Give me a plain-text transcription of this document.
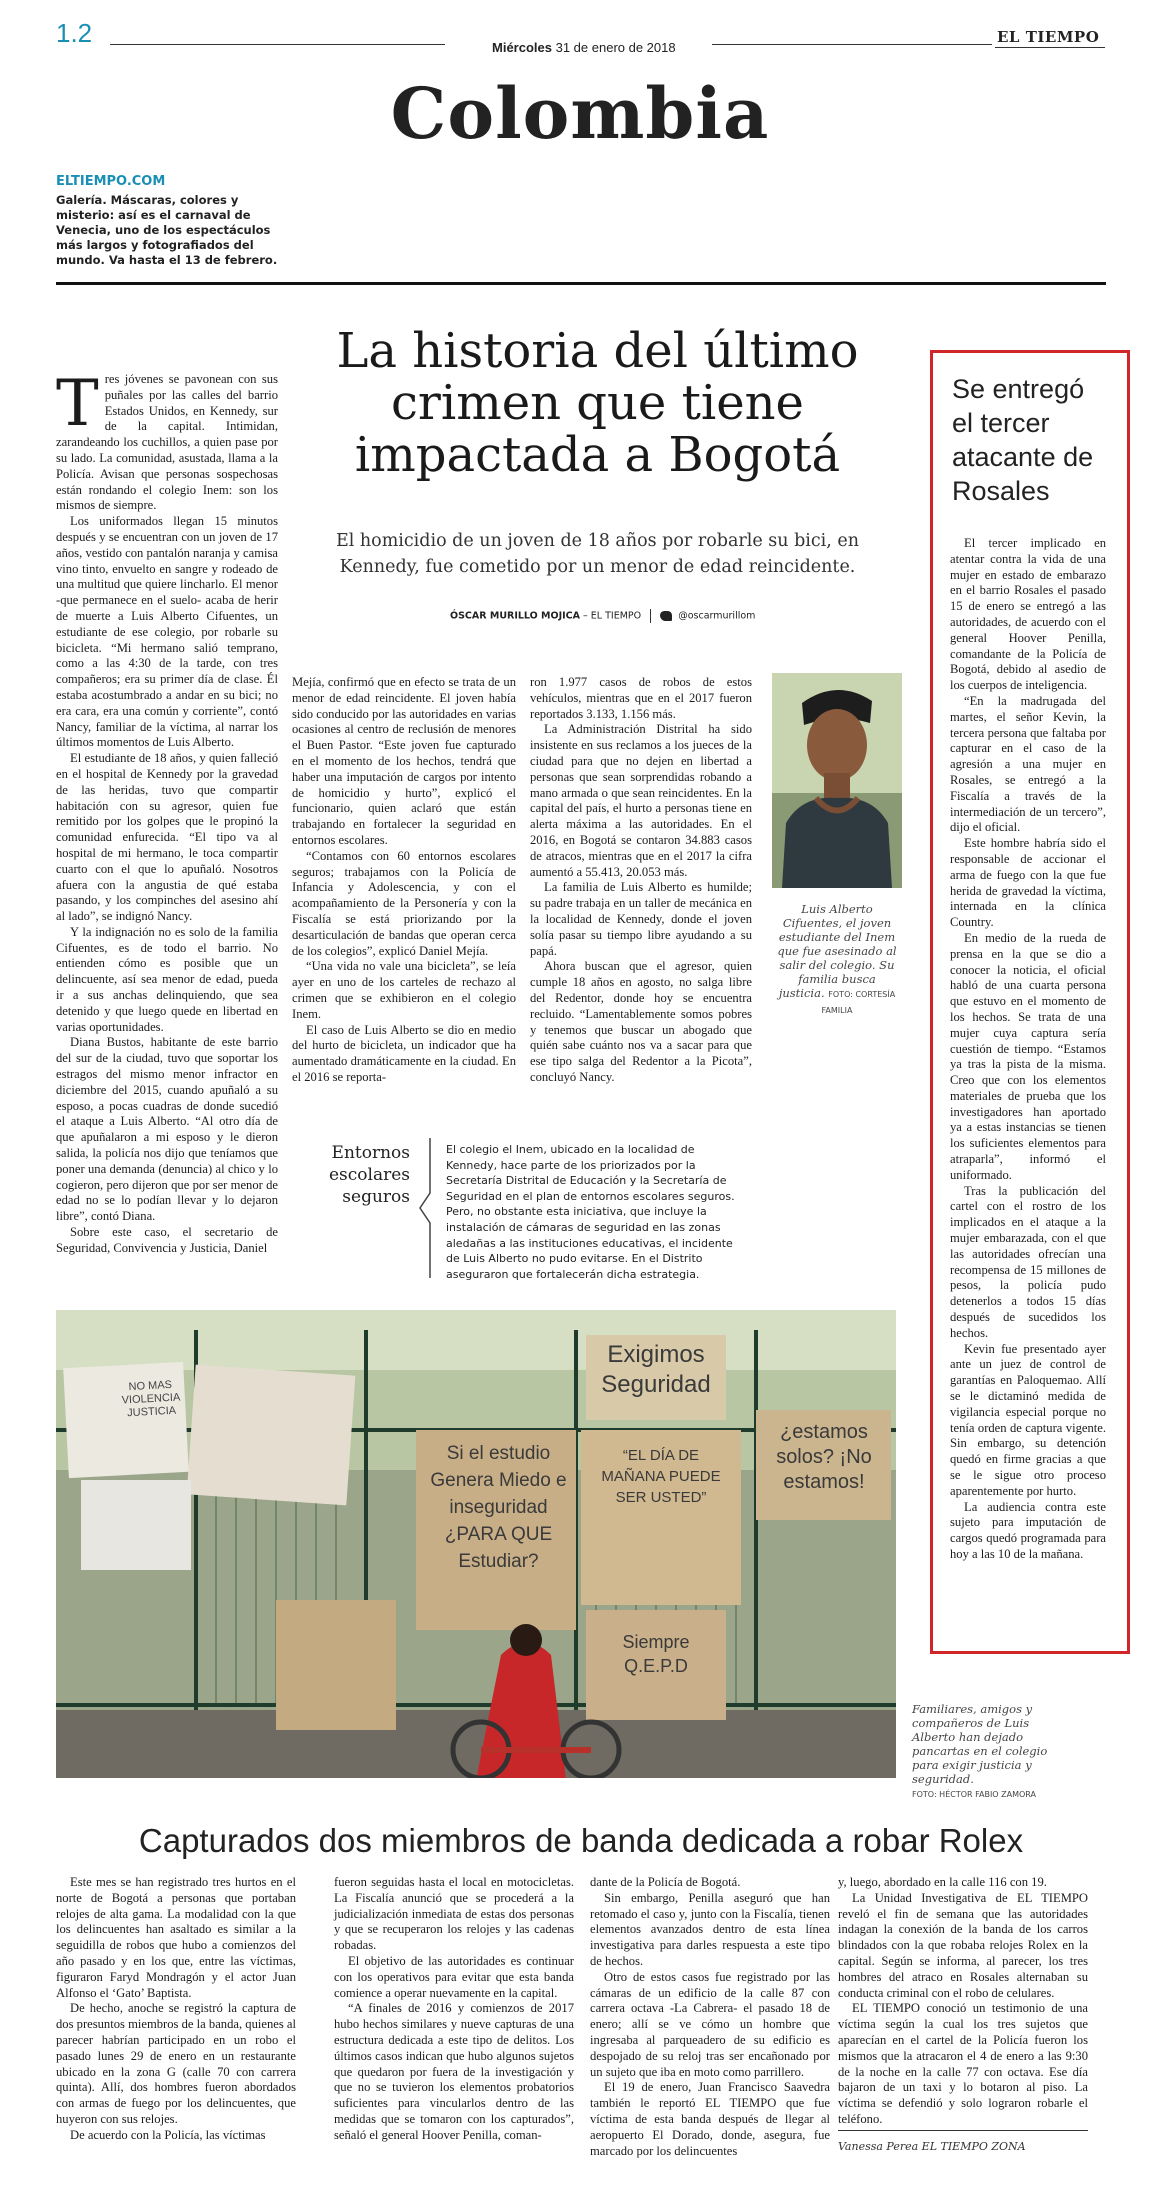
1.2	Miércoles 31 de enero de 2018
EL TIEMPO
Colombia
ELTIEMPO.COM
Galería. Máscaras, colores y misterio: así es el carnaval de Venecia, uno de los espectáculos más largos y fotografiados del mundo. Va hasta el 13 de febrero.
La historia del último crimen que tiene impactada a Bogotá
El homicidio de un joven de 18 años por robarle su bici, en Kennedy, fue cometido por un menor de edad reincidente.
ÓSCAR MURILLO MOJICA – EL TIEMPO	@oscarmurillom
T res jóvenes se pavonean con sus puñales por las calles del barrio Estados Unidos, en Kennedy, sur de la capital. Intimidan, zarandeando los cuchillos, a quien pase por su lado. La comunidad, asustada, llama a la Policía. Avisan que personas sospechosas están rondando el colegio Inem: son los mismos de siempre.

Los uniformados llegan 15 minutos después y se encuentran con un joven de 17 años, vestido con pantalón naranja y camisa vino tinto, envuelto en sangre y rodeado de una multitud que quiere lincharlo. El menor -que permanece en el suelo- acaba de herir de muerte a Luis Alberto Cifuentes, un estudiante de ese colegio, por robarle su bicicleta. “Mi hermano salió temprano, como a las 4:30 de la tarde, con tres compañeros; era su primer día de clase. Él estaba acostumbrado a andar en su bici; no era cara, era una común y corriente”, contó Nancy, familiar de la víctima, al narrar los últimos momentos de Luis Alberto.

El estudiante de 18 años, y quien falleció en el hospital de Kennedy por la gravedad de las heridas, tuvo que compartir habitación con su agresor, quien fue remitido por los golpes que le propinó la comunidad enfurecida. “El tipo va al hospital de mi hermano, le toca compartir cuarto con el que lo apuñaló. Nosotros afuera con la angustia de qué estaba pasando, y los compinches del asesino ahí al lado”, se indignó Nancy.

Y la indignación no es solo de la familia Cifuentes, es de todo el barrio. No entienden cómo es posible que un delincuente, así sea menor de edad, pueda ir a sus anchas delinquiendo, que sea detenido y que luego quede en libertad en varias oportunidades.

Diana Bustos, habitante de este barrio del sur de la ciudad, tuvo que soportar los estragos del mismo menor infractor en diciembre del 2015, cuando apuñaló a su esposo, a pocas cuadras de donde sucedió el ataque a Luis Alberto. “Al otro día de que apuñalaron a mi esposo y le dieron salida, la policía nos dijo que teníamos que poner una demanda (denuncia) al chico y lo cogieron, pero dijeron que por ser menor de edad no se lo podían llevar y lo dejaron libre”, contó Diana.

Sobre este caso, el secretario de Seguridad, Convivencia y Justicia, Daniel

Mejía, confirmó que en efecto se trata de un menor de edad reincidente. El joven había sido conducido por las autoridades en varias ocasiones al centro de reclusión de menores el Buen Pastor. “Este joven fue capturado en el momento de los hechos, tendrá que haber una imputación de cargos por intento de homicidio y hurto”, explicó el funcionario, quien aclaró que están trabajando en fortalecer la seguridad en entornos escolares.

“Contamos con 60 entornos escolares seguros; trabajamos con la Policía de Infancia y Adolescencia, y con el acompañamiento de la Personería y con la Fiscalía se está priorizando por la desarticulación de bandas que operan cerca de los colegios”, explicó Daniel Mejía.

“Una vida no vale una bicicleta”, se leía ayer en uno de los carteles de rechazo al crimen que se exhibieron en el colegio Inem.

El caso de Luis Alberto se dio en medio del hurto de bicicleta, un indicador que ha aumentado dramáticamente en la ciudad. En el 2016 se reporta-

ron 1.977 casos de robos de estos vehículos, mientras que en el 2017 fueron reportados 3.133, 1.156 más.

La Administración Distrital ha sido insistente en sus reclamos a los jueces de la ciudad para que no dejen en libertad a personas que sean sorprendidas robando a mano armada o que sean reincidentes. En la capital del país, el hurto a personas tiene en alerta máxima a las autoridades. En el 2016, en Bogotá se contaron 34.883 casos de atracos, mientras que en el 2017 la cifra aumentó a 55.413, 20.053 más.

La familia de Luis Alberto es humilde; su padre trabaja en un taller de mecánica en la localidad de Kennedy, donde el joven solía pasar su tiempo libre ayudando a su papá.

Ahora buscan que el agresor, quien cumple 18 años en agosto, no salga libre del Redentor, donde hoy se encuentra recluido. “Lamentablemente somos pobres y tenemos que buscar un abogado que quién sabe cuánto nos va a sacar para que ese tipo salga del Redentor a la Picota”, concluyó Nancy.

Luis Alberto Cifuentes, el joven estudiante del Inem que fue asesinado al salir del colegio. Su familia busca justicia. FOTO: CORTESÍA FAMILIA
Entornos escolares seguros
El colegio el Inem, ubicado en la localidad de Kennedy, hace parte de los priorizados por la Secretaría Distrital de Educación y la Secretaría de Seguridad en el plan de entornos escolares seguros. Pero, no obstante esta iniciativa, que incluye la instalación de cámaras de seguridad en las zonas aledañas a las instituciones educativas, el incidente de Luis Alberto no pudo evitarse. En el Distrito aseguraron que fortalecerán dicha estrategia.
Se entregó el tercer atacante de Rosales

El tercer implicado en atentar contra la vida de una mujer en estado de embarazo en el barrio Rosales el pasado 15 de enero se entregó a las autoridades, de acuerdo con el general Hoover Penilla, comandante de la Policía de Bogotá, debido al asedio de los cuerpos de inteligencia.

“En la madrugada del martes, el señor Kevin, la tercera persona que faltaba por capturar en el caso de la agresión a una mujer en Rosales, se entregó a la Fiscalía a través de la intermediación de un tercero”, dijo el oficial.

Este hombre habría sido el responsable de accionar el arma de fuego con la que fue herida de gravedad la víctima, internada en la clínica Country.

En medio de la rueda de prensa en la que se dio a conocer la noticia, el oficial habló de una cuarta persona que estuvo en el momento de los hechos. Se trata de una mujer cuya captura sería cuestión de tiempo. “Estamos ya tras la pista de la misma. Creo que con los elementos materiales de prueba que los investigadores han aportado ya a estas instancias se tienen los suficientes elementos para atraparla”, informó el uniformado.

Tras la publicación del cartel con el rostro de los implicados en el ataque a la mujer embarazada, con el que las autoridades ofrecían una recompensa de 15 millones de pesos, la policía pudo detenerlos a todos 15 días después de sucedidos los hechos.

Kevin fue presentado ayer ante un juez de control de garantías en Paloquemao. Allí se le dictaminó medida de vigilancia especial porque no tenía orden de captura vigente. Sin embargo, su detención quedó en firme gracias a que se le sigue otro proceso aparentemente por hurto.

La audiencia contra este sujeto para imputación de cargos quedó programada para hoy a las 10 de la mañana.

NO MAS VIOLENCIA JUSTICIA
Exigimos Seguridad
Si el estudio Genera Miedo e inseguridad ¿PARA QUE Estudiar?
“EL DÍA DE MAÑANA PUEDE SER USTED”
¿estamos solos? ¡No estamos!
Siempre Q.E.P.D
Familiares, amigos y compañeros de Luis Alberto han dejado pancartas en el colegio para exigir justicia y seguridad.
FOTO: HÉCTOR FABIO ZAMORA
Capturados dos miembros de banda dedicada a robar Rolex

Este mes se han registrado tres hurtos en el norte de Bogotá a personas que portaban relojes de alta gama. La modalidad con la que los delincuentes han asaltado es similar a la seguidilla de robos que hubo a comienzos del año pasado y en los que, entre las víctimas, figuraron Faryd Mondragón y el actor Juan Alfonso el ‘Gato’ Baptista.

De hecho, anoche se registró la captura de dos presuntos miembros de la banda, quienes al parecer habrían participado en un robo el pasado lunes 29 de enero en un restaurante ubicado en la zona G (calle 70 con carrera quinta). Allí, dos hombres fueron abordados con armas de fuego por los delincuentes, que huyeron con sus relojes.

De acuerdo con la Policía, las víctimas

fueron seguidas hasta el local en motocicletas. La Fiscalía anunció que se procederá a la judicialización inmediata de estas dos personas y que se recuperaron los relojes y las cadenas robadas.

El objetivo de las autoridades es continuar con los operativos para evitar que esta banda comience a operar nuevamente en la capital.

“A finales de 2016 y comienzos de 2017 hubo hechos similares y nueve capturas de una estructura dedicada a este tipo de delitos. Los últimos casos indican que hubo algunos sujetos que quedaron por fuera de la investigación y que no se tuvieron los elementos probatorios suficientes para vincularlos dentro de las medidas que se tomaron con los capturados”, señaló el general Hoover Penilla, coman-

dante de la Policía de Bogotá.

Sin embargo, Penilla aseguró que han retomado el caso y, junto con la Fiscalía, tienen elementos avanzados dentro de esta línea investigativa para darles respuesta a este tipo de hechos.

Otro de estos casos fue registrado por las cámaras de un edificio de la calle 87 con carrera octava -La Cabrera- el pasado 18 de enero; allí se ve cómo un hombre que ingresaba al parqueadero de su edificio es despojado de su reloj tras ser encañonado por un sujeto que iba en moto como parrillero.

El 19 de enero, Juan Francisco Saavedra también le reportó EL TIEMPO que fue víctima de esta banda después de llegar al aeropuerto El Dorado, donde, asegura, fue marcado por los delincuentes

y, luego, abordado en la calle 116 con 19.

La Unidad Investigativa de EL TIEMPO reveló el fin de semana que las autoridades indagan la conexión de la banda de los carros blindados con la que robaba relojes Rolex en la capital. Según se informa, al parecer, los tres hombres del atraco en Rosales alternaban su conducta criminal con el robo de celulares.

EL TIEMPO conoció un testimonio de una víctima según la cual los tres sujetos que aparecían en el cartel de la Policía fueron los mismos que la atracaron el 4 de enero a las 9:30 de la noche en la calle 77 con octava. Ese día bajaron de un taxi y lo botaron al piso. La víctima se defendió y solo lograron robarle el teléfono.

Vanessa Perea EL TIEMPO ZONA
